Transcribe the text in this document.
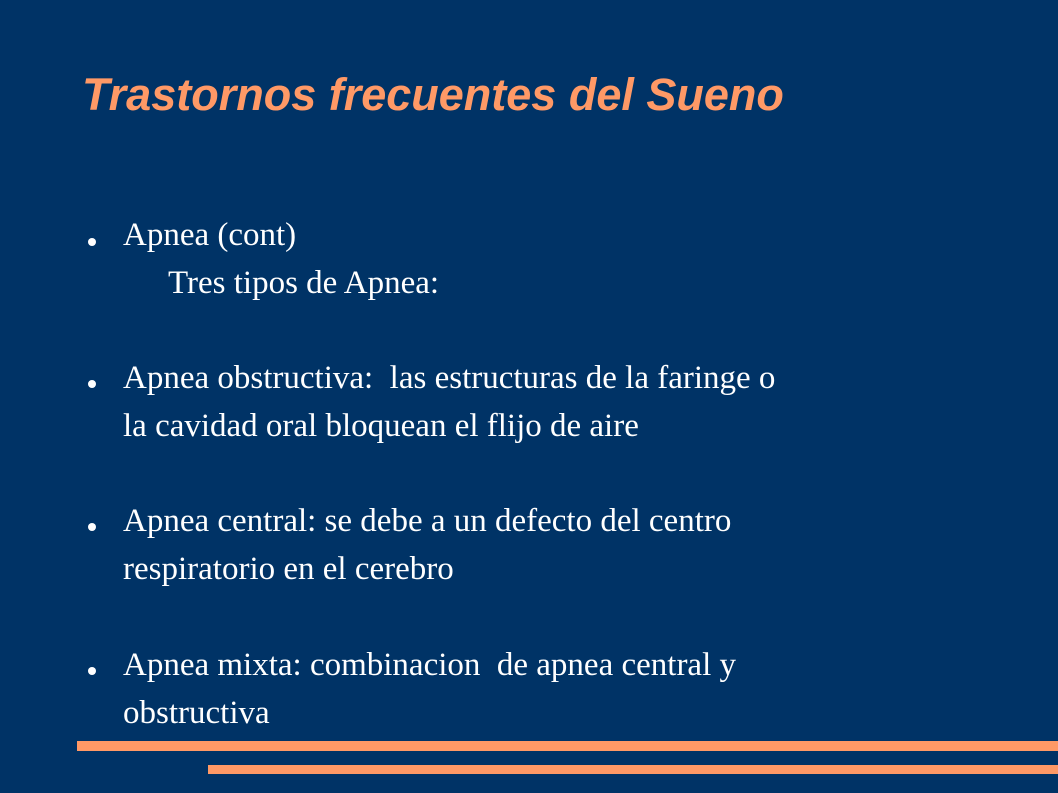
Trastornos frecuentes del Sueno

Apnea (cont)

Tres tipos de Apnea:

Apnea obstructiva:  las estructuras de la faringe o

la cavidad oral bloquean el flijo de aire

Apnea central: se debe a un defecto del centro

respiratorio en el cerebro

Apnea mixta: combinacion  de apnea central y

obstructiva
